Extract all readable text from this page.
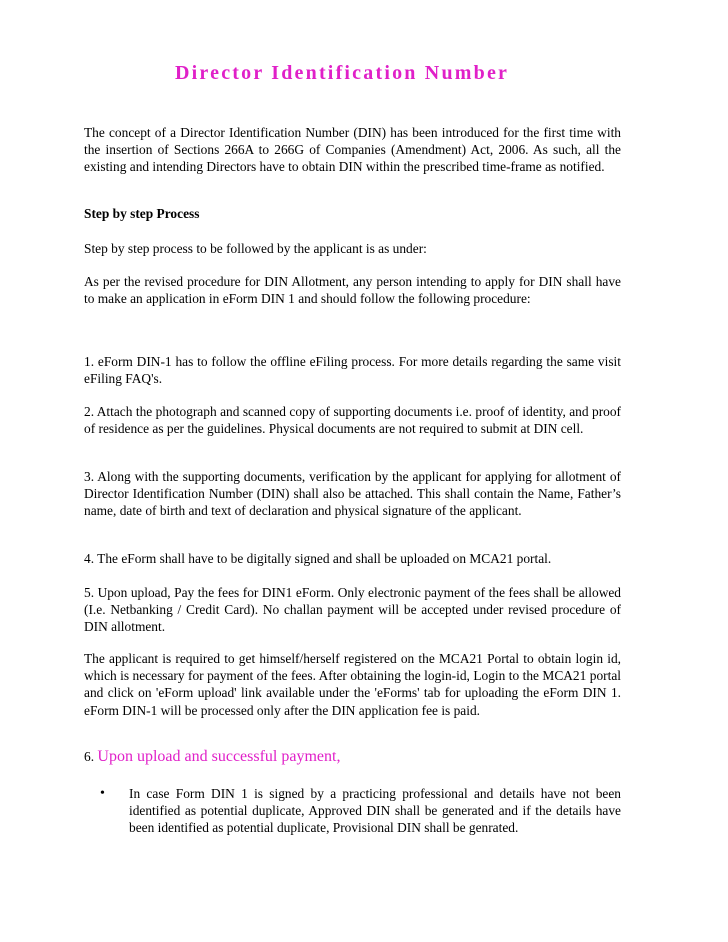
Director Identification Number

The concept of a Director Identification Number (DIN) has been introduced for the first time with the insertion of Sections 266A to 266G of Companies (Amendment) Act, 2006. As such, all the existing and intending Directors have to obtain DIN within the prescribed time-frame as notified.

Step by step Process

Step by step process to be followed by the applicant is as under:

As per the revised procedure for DIN Allotment, any person intending to apply for DIN shall have to make an application in eForm DIN 1 and should follow the following procedure:

1. eForm DIN-1 has to follow the offline eFiling process. For more details regarding the same visit eFiling FAQ's.

2. Attach the photograph and scanned copy of supporting documents i.e. proof of identity, and proof of residence as per the guidelines. Physical documents are not required to submit at DIN cell.

3. Along with the supporting documents, verification by the applicant for applying for allotment of Director Identification Number (DIN) shall also be attached. This shall contain the Name, Father’s name, date of birth and text of declaration and physical signature of the applicant.

4. The eForm shall have to be digitally signed and shall be uploaded on MCA21 portal.

5. Upon upload, Pay the fees for DIN1 eForm. Only electronic payment of the fees shall be allowed (I.e. Netbanking / Credit Card). No challan payment will be accepted under revised procedure of DIN allotment.

The applicant is required to get himself/herself registered on the MCA21 Portal to obtain login id, which is necessary for payment of the fees. After obtaining the login-id, Login to the MCA21 portal and click on 'eForm upload' link available under the 'eForms' tab for uploading the eForm DIN 1. eForm DIN-1 will be processed only after the DIN application fee is paid.

6. Upon upload and successful payment,

• In case Form DIN 1 is signed by a practicing professional and details have not been identified as potential duplicate, Approved DIN shall be generated and if the details have been identified as potential duplicate, Provisional DIN shall be genrated.
